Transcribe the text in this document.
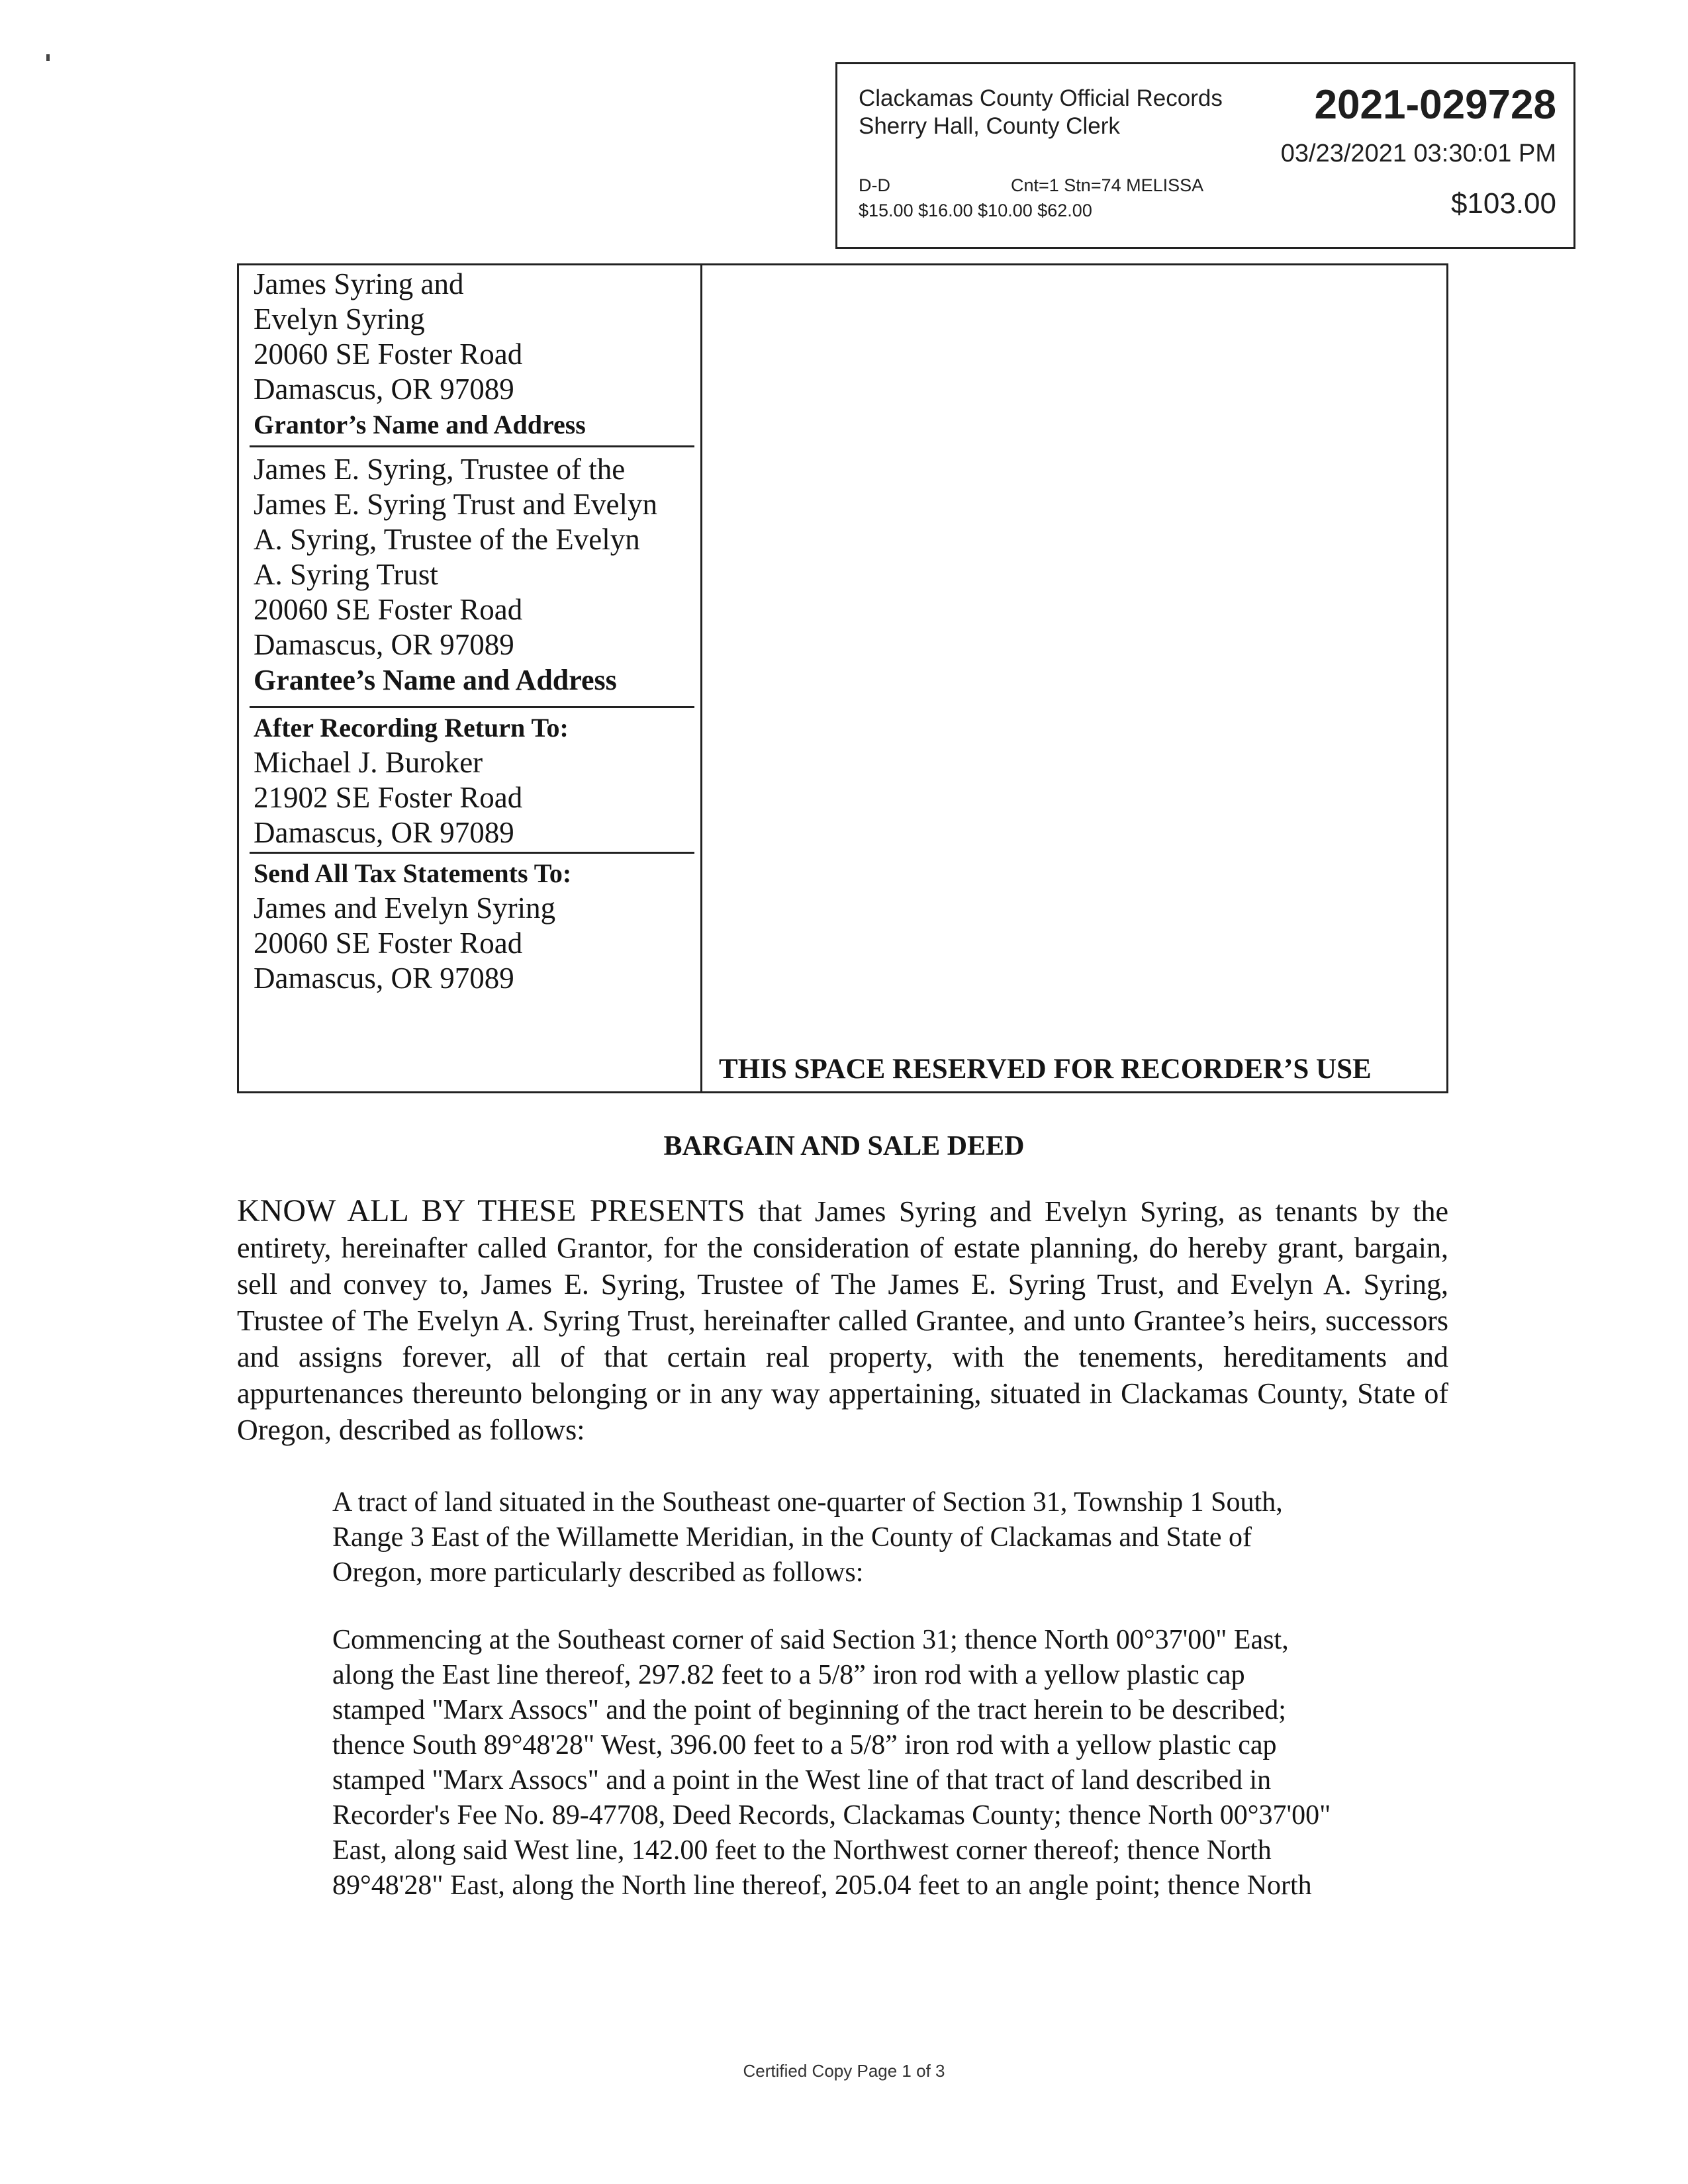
Clackamas County Official Records
Sherry Hall, County Clerk	2021-029728
03/23/2021 03:30:01 PM
D-D	Cnt=1 Stn=74 MELISSA
$15.00 $16.00 $10.00 $62.00	$103.00
James Syring and
Evelyn Syring
20060 SE Foster Road
Damascus, OR 97089
Grantor’s Name and Address
James E. Syring, Trustee of the
James E. Syring Trust and Evelyn
A. Syring, Trustee of the Evelyn
A. Syring Trust
20060 SE Foster Road
Damascus, OR 97089
Grantee’s Name and Address
After Recording Return To:
Michael J. Buroker
21902 SE Foster Road
Damascus, OR 97089
Send All Tax Statements To:
James and Evelyn Syring
20060 SE Foster Road
Damascus, OR 97089
THIS SPACE RESERVED FOR RECORDER’S USE
BARGAIN AND SALE DEED
KNOW ALL BY THESE PRESENTS that James Syring and Evelyn Syring, as tenants by the entirety, hereinafter called Grantor, for the consideration of estate planning, do hereby grant, bargain, sell and convey to, James E. Syring, Trustee of The James E. Syring Trust, and Evelyn A. Syring, Trustee of The Evelyn A. Syring Trust, hereinafter called Grantee, and unto Grantee’s heirs, successors and assigns forever, all of that certain real property, with the tenements, hereditaments and appurtenances thereunto belonging or in any way appertaining, situated in Clackamas County, State of Oregon, described as follows:
A tract of land situated in the Southeast one-quarter of Section 31, Township 1 South,
Range 3 East of the Willamette Meridian, in the County of Clackamas and State of
Oregon, more particularly described as follows:
Commencing at the Southeast corner of said Section 31; thence North 00°37'00" East,
along the East line thereof, 297.82 feet to a 5/8” iron rod with a yellow plastic cap
stamped "Marx Assocs" and the point of beginning of the tract herein to be described;
thence South 89°48'28" West, 396.00 feet to a 5/8” iron rod with a yellow plastic cap
stamped "Marx Assocs" and a point in the West line of that tract of land described in
Recorder's Fee No. 89-47708, Deed Records, Clackamas County; thence North 00°37'00"
East, along said West line, 142.00 feet to the Northwest corner thereof; thence North
89°48'28" East, along the North line thereof, 205.04 feet to an angle point; thence North
Certified Copy Page 1 of 3
